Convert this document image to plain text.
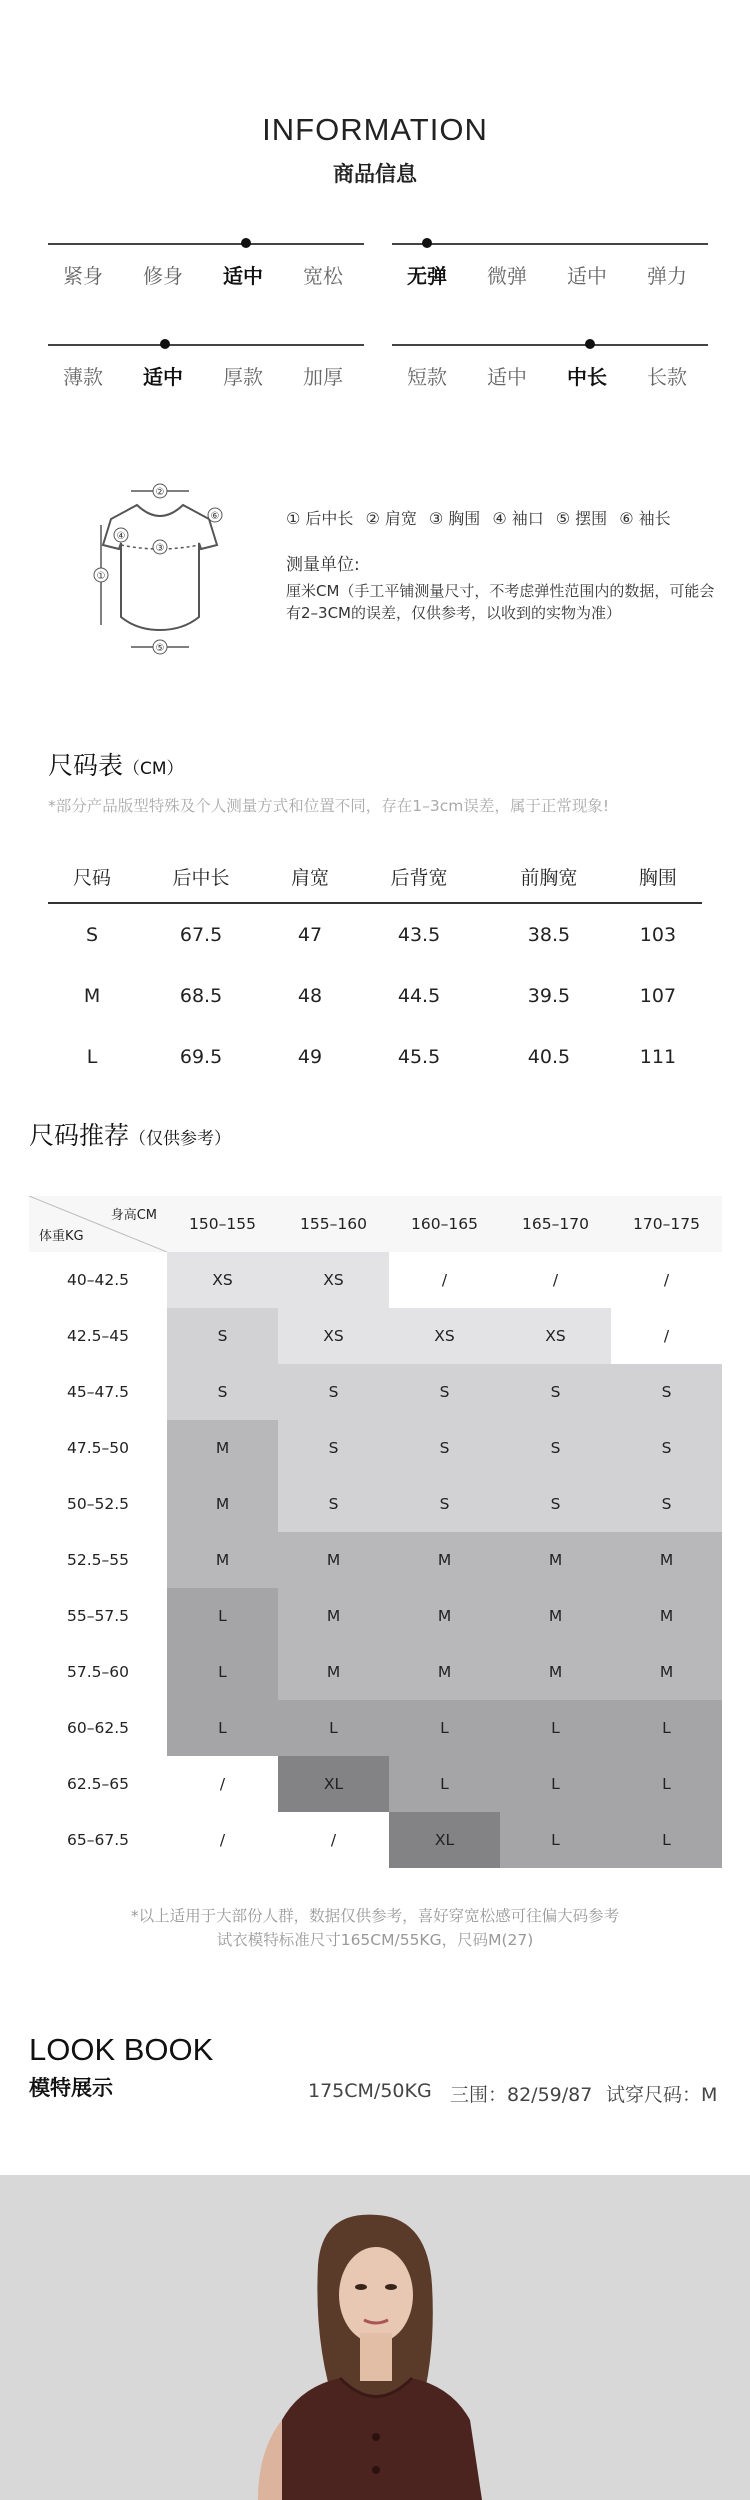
INFORMATION
商品信息
紧身	修身	适中	宽松	无弹	微弹	适中	弹力
薄款	适中	厚款	加厚	短款	适中	中长	长款
②
①
③
④
⑤
⑥	① 后中长 ② 肩宽 ③ 胸围 ④ 袖口 ⑤ 摆围 ⑥ 袖长
测量单位:
厘米CM（手工平铺测量尺寸，不考虑弹性范围内的数据，可能会有2–3CM的误差，仅供参考，以收到的实物为准）
尺码表（CM）
*部分产品版型特殊及个人测量方式和位置不同，存在1–3cm误差，属于正常现象!
尺码	后中长	肩宽	后背宽	前胸宽	胸围
S	67.5	47	43.5	38.5	103
M	68.5	48	44.5	39.5	107
L	69.5	49	45.5	40.5	111
尺码推荐（仅供参考）
身高CM
体重KG
150–155	155–160	160–165	165–170	170–175
40–42.5	XS	XS	/	/	/
42.5–45	S	XS	XS	XS	/
45–47.5	S	S	S	S	S
47.5–50	M	S	S	S	S
50–52.5	M	S	S	S	S
52.5–55	M	M	M	M	M
55–57.5	L	M	M	M	M
57.5–60	L	M	M	M	M
60–62.5	L	L	L	L	L
62.5–65	/	XL	L	L	L
65–67.5	/	/	XL	L	L
*以上适用于大部份人群，数据仅供参考，喜好穿宽松感可往偏大码参考
试衣模特标准尺寸165CM/55KG，尺码M(27)
LOOK BOOK
模特展示	175CM/50KG 三围：82/59/87 试穿尺码：M
